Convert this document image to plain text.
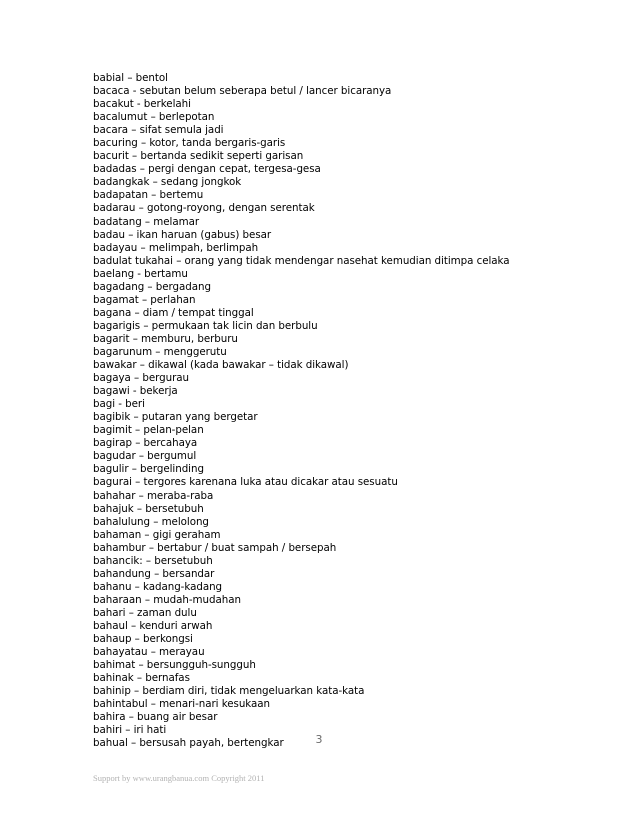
babial – bentol
bacaca - sebutan belum seberapa betul / lancer bicaranya
bacakut - berkelahi
bacalumut – berlepotan
bacara – sifat semula jadi
bacuring – kotor, tanda bergaris-garis
bacurit – bertanda sedikit seperti garisan
badadas – pergi dengan cepat, tergesa-gesa
badangkak – sedang jongkok
badapatan – bertemu
badarau – gotong-royong, dengan serentak
badatang – melamar
badau – ikan haruan (gabus) besar
badayau – melimpah, berlimpah
badulat tukahai – orang yang tidak mendengar nasehat kemudian ditimpa celaka
baelang - bertamu
bagadang – bergadang
bagamat – perlahan
bagana – diam / tempat tinggal
bagarigis – permukaan tak licin dan berbulu
bagarit – memburu, berburu
bagarunum – menggerutu
bawakar – dikawal (kada bawakar – tidak dikawal)
bagaya – bergurau
bagawi - bekerja
bagi - beri
bagibik – putaran yang bergetar
bagimit – pelan-pelan
bagirap – bercahaya
bagudar – bergumul
bagulir – bergelinding
bagurai – tergores karenana luka atau dicakar atau sesuatu
bahahar – meraba-raba
bahajuk – bersetubuh
bahalulung – melolong
bahaman – gigi geraham
bahambur – bertabur / buat sampah / bersepah
bahancik: – bersetubuh
bahandung – bersandar
bahanu – kadang-kadang
baharaan – mudah-mudahan
bahari – zaman dulu
bahaul – kenduri arwah
bahaup – berkongsi
bahayatau – merayau
bahimat – bersungguh-sungguh
bahinak – bernafas
bahinip – berdiam diri, tidak mengeluarkan kata-kata
bahintabul – menari-nari kesukaan
bahira – buang air besar
bahiri – iri hati
bahual – bersusah payah, bertengkar	3
Support by www.urangbanua.com Copyright 2011
